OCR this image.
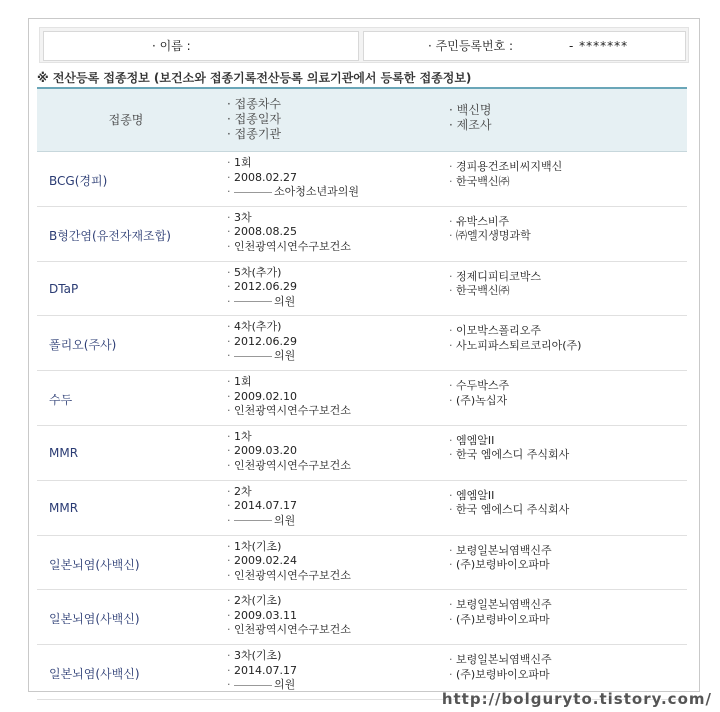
· 이름 :	· 주민등록번호 :	- *******
※ 전산등록 접종정보 (보건소와 접종기록전산등록 의료기관에서 등록한 접종정보)
접종명
· 접종차수
· 접종일자
· 접종기관
· 백신명
· 제조사
BCG(경피)
· 1회
· 2008.02.27
· 소아청소년과의원
· 경피용건조비씨지백신
· 한국백신㈜
B형간염(유전자재조합)
· 3차
· 2008.08.25
· 인천광역시연수구보건소
· 유박스비주
· ㈜엘지생명과학
DTaP
· 5차(추가)
· 2012.06.29
· 의원
· 정제디피티코박스
· 한국백신㈜
폴리오(주사)
· 4차(추가)
· 2012.06.29
· 의원
· 이모박스폴리오주
· 사노피파스퇴르코리아(주)
수두
· 1회
· 2009.02.10
· 인천광역시연수구보건소
· 수두박스주
· (주)녹십자
MMR
· 1차
· 2009.03.20
· 인천광역시연수구보건소
· 엠엠알II
· 한국 엠에스디 주식회사
MMR
· 2차
· 2014.07.17
· 의원
· 엠엠알II
· 한국 엠에스디 주식회사
일본뇌염(사백신)
· 1차(기초)
· 2009.02.24
· 인천광역시연수구보건소
· 보령일본뇌염백신주
· (주)보령바이오파마
일본뇌염(사백신)
· 2차(기초)
· 2009.03.11
· 인천광역시연수구보건소
· 보령일본뇌염백신주
· (주)보령바이오파마
일본뇌염(사백신)
· 3차(기초)
· 2014.07.17
· 의원
· 보령일본뇌염백신주
· (주)보령바이오파마
http://bolguryto.tistory.com/
